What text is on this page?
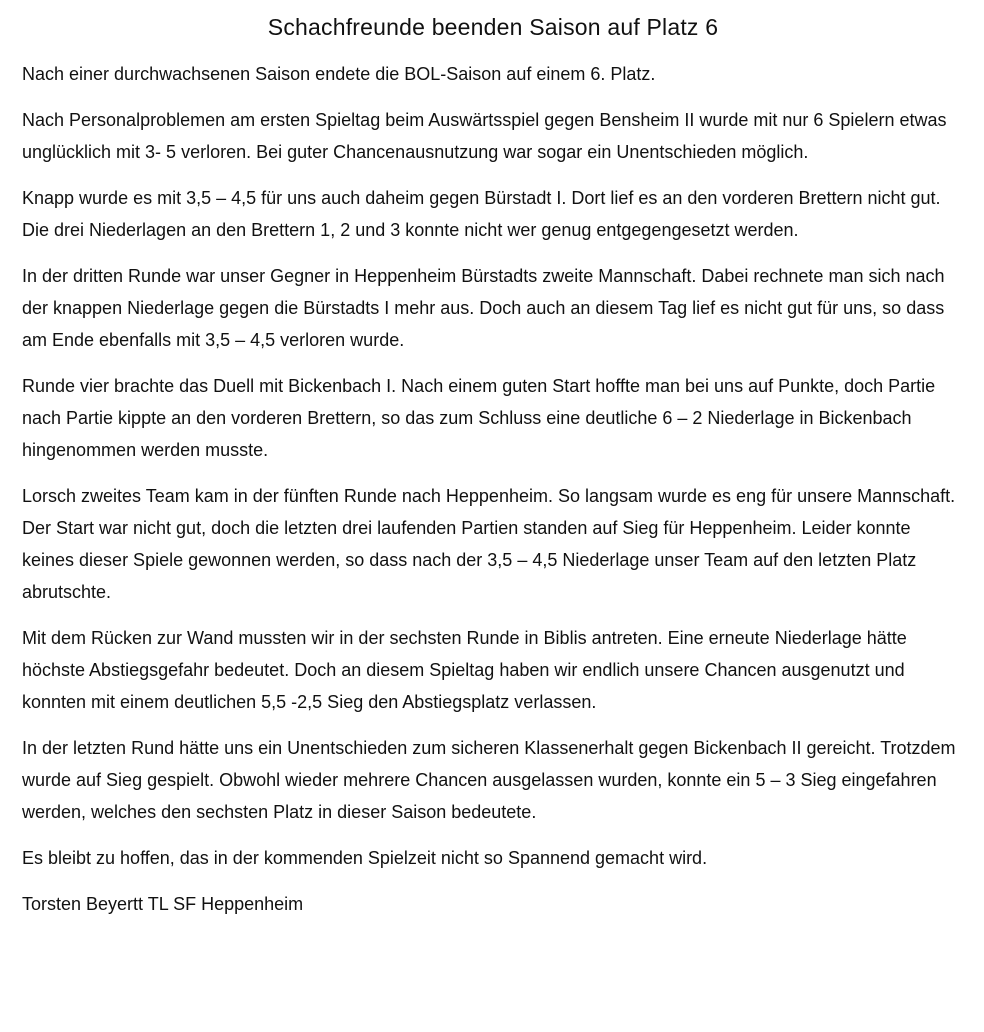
Schachfreunde beenden Saison auf Platz 6

Nach einer durchwachsenen Saison endete die BOL-Saison auf einem 6. Platz.

Nach Personalproblemen am ersten Spieltag beim Auswärtsspiel gegen Bensheim II wurde mit nur 6 Spielern etwas unglücklich mit 3- 5 verloren. Bei guter Chancenausnutzung war sogar ein Unentschieden möglich.

Knapp wurde es mit 3,5 – 4,5 für uns auch daheim gegen Bürstadt I. Dort lief es an den vorderen Brettern nicht gut. Die drei Niederlagen an den Brettern 1, 2 und 3 konnte nicht wer genug entgegengesetzt werden.

In der dritten Runde war unser Gegner in Heppenheim Bürstadts zweite Mannschaft. Dabei rechnete man sich nach der knappen Niederlage gegen die Bürstadts I mehr aus. Doch auch an diesem Tag lief es nicht gut für uns, so dass am Ende ebenfalls mit 3,5 – 4,5 verloren wurde.

Runde vier brachte das Duell mit Bickenbach I. Nach einem guten Start hoffte man bei uns auf Punkte, doch Partie nach Partie kippte an den vorderen Brettern, so das zum Schluss eine deutliche 6 – 2 Niederlage in Bickenbach hingenommen werden musste.

Lorsch zweites Team kam in der fünften Runde nach Heppenheim. So langsam wurde es eng für unsere Mannschaft. Der Start war nicht gut, doch die letzten drei laufenden Partien standen auf Sieg für Heppenheim. Leider konnte keines dieser Spiele gewonnen werden, so dass nach der 3,5 – 4,5 Niederlage unser Team auf den letzten Platz abrutschte.

Mit dem Rücken zur Wand mussten wir in der sechsten Runde in Biblis antreten. Eine erneute Niederlage hätte höchste Abstiegsgefahr bedeutet. Doch an diesem Spieltag haben wir endlich unsere Chancen ausgenutzt und konnten mit einem deutlichen 5,5 -2,5 Sieg den Abstiegsplatz verlassen.

In der letzten Rund hätte uns ein Unentschieden zum sicheren Klassenerhalt gegen Bickenbach II gereicht. Trotzdem wurde auf Sieg gespielt. Obwohl wieder mehrere Chancen ausgelassen wurden, konnte ein 5 – 3 Sieg eingefahren werden, welches den sechsten Platz in dieser Saison bedeutete.

Es bleibt zu hoffen, das in der kommenden Spielzeit nicht so Spannend gemacht wird.

Torsten Beyertt TL SF Heppenheim
